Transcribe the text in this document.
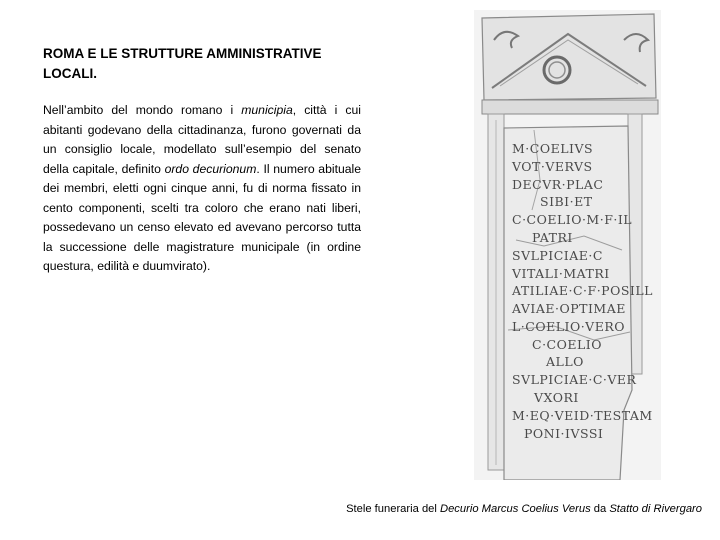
ROMA E LE STRUTTURE AMMINISTRATIVE
LOCALI.

Nell’ambito del mondo romano i municipia, città i cui abitanti godevano della cittadinanza, furono governati da un consiglio locale, modellato sull’esempio del senato della capitale, definito ordo decurionum. Il numero abituale dei membri, eletti ogni cinque anni, fu di norma fissato in cento componenti, scelti tra coloro che erano nati liberi, possedevano un censo elevato ed avevano percorso tutta la successione delle magistrature municipale (in ordine questura, edilità e duumvirato).

M·COELIVS
VOT·VERVS
DECVR·PLAC
SIBI·ET
C·COELIO·M·F·IL
PATRI
SVLPICIAE·C
VITALI·MATRI
ATILIAE·C·F·POSILL
AVIAE·OPTIMAE
L·COELIO·VERO
C·COELIO
ALLO
SVLPICIAE·C·VER
VXORI
M·EQ·VEID·TESTAM
PONI·IVSSI
Stele funeraria del Decurio Marcus Coelius Verus da Statto di Rivergaro
